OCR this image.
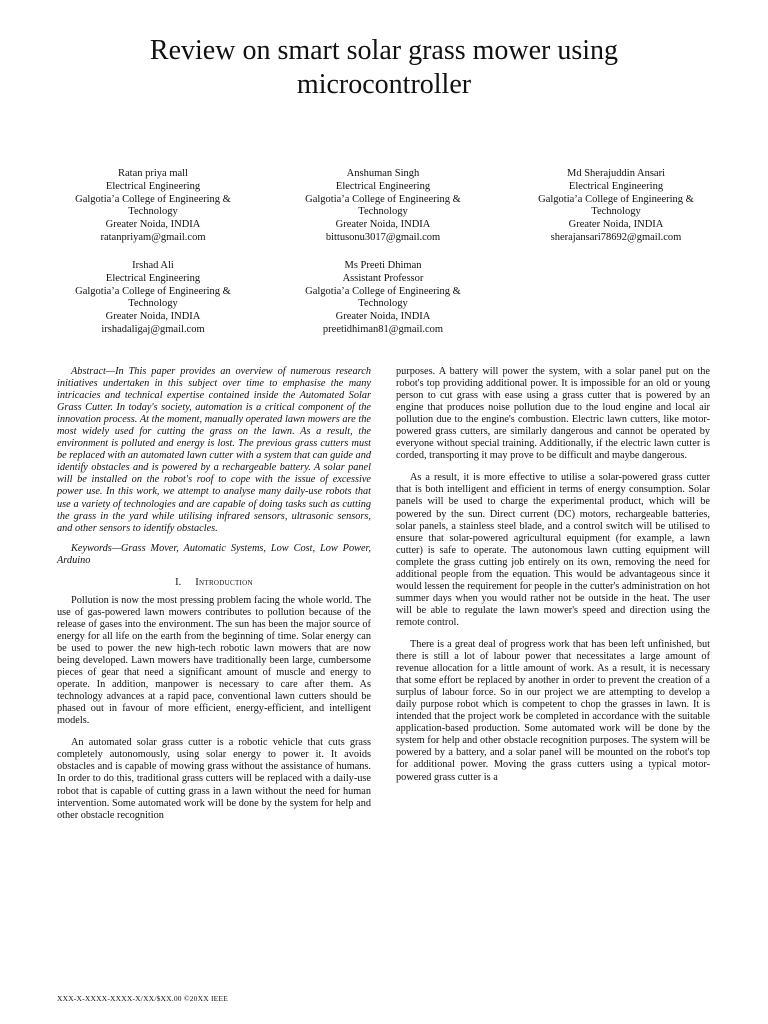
Review on smart solar grass mower using
microcontroller
Ratan priya mall
Electrical Engineering
Galgotia’a College of Engineering &
Technology
Greater Noida, INDIA
ratanpriyam@gmail.com
Anshuman Singh
Electrical Engineering
Galgotia’a College of Engineering &
Technology
Greater Noida, INDIA
bittusonu3017@gmail.com
Md Sherajuddin Ansari
Electrical Engineering
Galgotia’a College of Engineering &
Technology
Greater Noida, INDIA
sherajansari78692@gmail.com
Irshad Ali
Electrical Engineering
Galgotia’a College of Engineering &
Technology
Greater Noida, INDIA
irshadaligaj@gmail.com
Ms Preeti Dhiman
Assistant Professor
Galgotia’a College of Engineering &
Technology
Greater Noida, INDIA
preetidhiman81@gmail.com

Abstract—In This paper provides an overview of numerous research initiatives undertaken in this subject over time to emphasise the many intricacies and technical expertise contained inside the Automated Solar Grass Cutter. In today's society, automation is a critical component of the innovation process. At the moment, manually operated lawn mowers are the most widely used for cutting the grass on the lawn. As a result, the environment is polluted and energy is lost. The previous grass cutters must be replaced with an automated lawn cutter with a system that can guide and identify obstacles and is powered by a rechargeable battery. A solar panel will be installed on the robot's roof to cope with the issue of excessive power use. In this work, we attempt to analyse many daily-use robots that use a variety of technologies and are capable of doing tasks such as cutting the grass in the yard while utilising infrared sensors, ultrasonic sensors, and other sensors to identify obstacles.

Keywords—Grass Mover, Automatic Systems, Low Cost, Low Power, Arduino

I. Introduction

Pollution is now the most pressing problem facing the whole world. The use of gas-powered lawn mowers contributes to pollution because of the release of gases into the environment. The sun has been the major source of energy for all life on the earth from the beginning of time. Solar energy can be used to power the new high-tech robotic lawn mowers that are now being developed. Lawn mowers have traditionally been large, cumbersome pieces of gear that need a significant amount of muscle and energy to operate. In addition, manpower is necessary to care after them. As technology advances at a rapid pace, conventional lawn cutters should be phased out in favour of more efficient, energy-efficient, and intelligent models.

An automated solar grass cutter is a robotic vehicle that cuts grass completely autonomously, using solar energy to power it. It avoids obstacles and is capable of mowing grass without the assistance of humans. In order to do this, traditional grass cutters will be replaced with a daily-use robot that is capable of cutting grass in a lawn without the need for human intervention. Some automated work will be done by the system for help and other obstacle recognition

purposes. A battery will power the system, with a solar panel put on the robot's top providing additional power. It is impossible for an old or young person to cut grass with ease using a grass cutter that is powered by an engine that produces noise pollution due to the loud engine and local air pollution due to the engine's combustion. Electric lawn cutters, like motor-powered grass cutters, are similarly dangerous and cannot be operated by everyone without special training. Additionally, if the electric lawn cutter is corded, transporting it may prove to be difficult and maybe dangerous.

As a result, it is more effective to utilise a solar-powered grass cutter that is both intelligent and efficient in terms of energy consumption. Solar panels will be used to charge the experimental product, which will be powered by the sun. Direct current (DC) motors, rechargeable batteries, solar panels, a stainless steel blade, and a control switch will be utilised to ensure that solar-powered agricultural equipment (for example, a lawn cutter) is safe to operate. The autonomous lawn cutting equipment will complete the grass cutting job entirely on its own, removing the need for additional people from the equation. This would be advantageous since it would lessen the requirement for people in the cutter's administration on hot summer days when you would rather not be outside in the heat. The user will be able to regulate the lawn mower's speed and direction using the remote control.

There is a great deal of progress work that has been left unfinished, but there is still a lot of labour power that necessitates a large amount of revenue allocation for a little amount of work. As a result, it is necessary that some effort be replaced by another in order to prevent the creation of a surplus of labour force. So in our project we are attempting to develop a daily purpose robot which is competent to chop the grasses in lawn. It is intended that the project work be completed in accordance with the suitable application-based production. Some automated work will be done by the system for help and other obstacle recognition purposes. The system will be powered by a battery, and a solar panel will be mounted on the robot's top for additional power. Moving the grass cutters using a typical motor-powered grass cutter is a

XXX-X-XXXX-XXXX-X/XX/$XX.00 ©20XX IEEE
